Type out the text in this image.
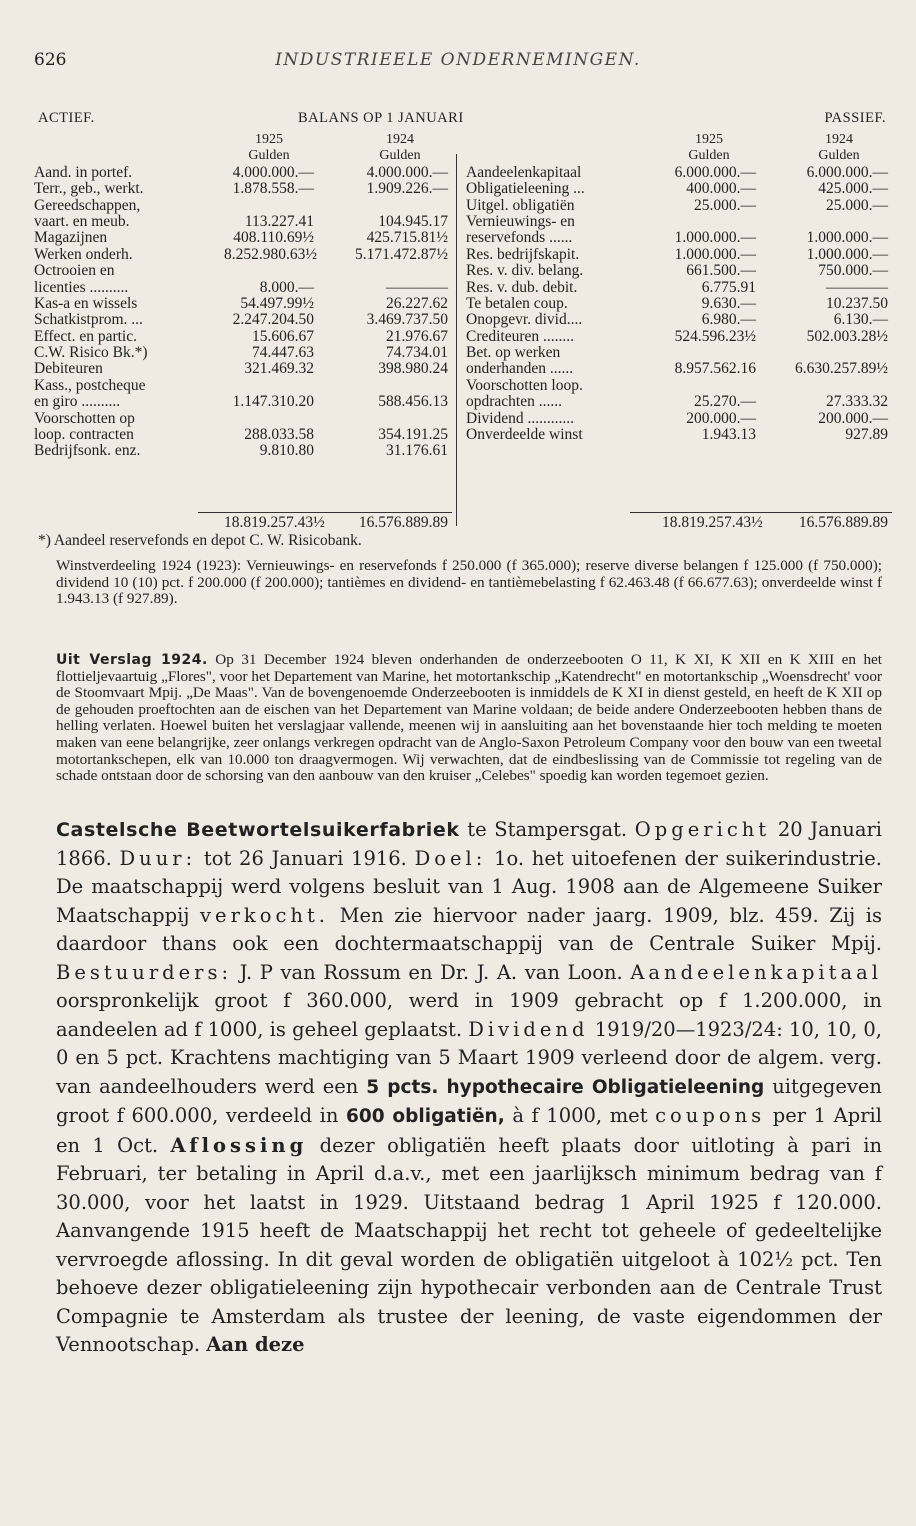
626	INDUSTRIEELE ONDERNEMINGEN.
ACTIEF.	BALANS OP 1 JANUARI	PASSIEF.
1925	1924
Gulden	Gulden
Aand. in portef.	4.000.000.—	4.000.000.—
Terr., geb., werkt.	1.878.558.—	1.909.226.—
Gereedschappen,
vaart. en meub.	113.227.41	104.945.17
Magazijnen	408.110.69½	425.715.81½
Werken onderh.	8.252.980.63½ 5.171.472.87½
Octrooien en
licenties ..........	8.000.—	————
Kas-a en wissels	54.497.99½	26.227.62
Schatkistprom. ...	2.247.204.50	3.469.737.50
Effect. en partic.	15.606.67	21.976.67
C.W. Risico Bk.*)	74.447.63	74.734.01
Debiteuren	321.469.32	398.980.24
Kass., postcheque
en giro ..........	1.147.310.20	588.456.13
Voorschotten op
loop. contracten	288.033.58	354.191.25
Bedrijfsonk. enz.	9.810.80	31.176.61
1925	1924
Gulden	Gulden
Aandeelenkapitaal	6.000.000.—	6.000.000.—
Obligatieleening ...	400.000.—	425.000.—
Uitgel. obligatiën	25.000.—	25.000.—
Vernieuwings- en
reservefonds ......	1.000.000.—	1.000.000.—
Res. bedrijfskapit.	1.000.000.—	1.000.000.—
Res. v. div. belang.	661.500.—	750.000.—
Res. v. dub. debit.	6.775.91	————
Te betalen coup.	9.630.—	10.237.50
Onopgevr. divid....	6.980.—	6.130.—
Crediteuren ........	524.596.23½	502.003.28½
Bet. op werken
onderhanden ......	8.957.562.16	6.630.257.89½
Voorschotten loop.
opdrachten ......	25.270.—	27.333.32
Dividend ............	200.000.—	200.000.—
Onverdeelde winst	1.943.13	927.89
18.819.257.43½	16.576.889.89	18.819.257.43½	16.576.889.89
*) Aandeel reservefonds en depot C. W. Risicobank.

Winstverdeeling 1924 (1923): Vernieuwings- en reservefonds f 250.000 (f 365.000); reserve diverse belangen f 125.000 (f 750.000); dividend 10 (10) pct. f 200.000 (f 200.000); tantièmes en dividend- en tantièmebelasting f 62.463.48 (f 66.677.63); onverdeelde winst f 1.943.13 (f 927.89).

Uit Verslag 1924. Op 31 December 1924 bleven onderhanden de onderzeebooten O 11, K XI, K XII en K XIII en het flottieljevaartuig „Flores", voor het Departement van Marine, het motortankschip „Katendrecht" en motortankschip „Woensdrecht' voor de Stoomvaart Mpij. „De Maas". Van de bovengenoemde Onderzeebooten is inmiddels de K XI in dienst gesteld, en heeft de K XII op de gehouden proeftochten aan de eischen van het Departement van Marine voldaan; de beide andere Onderzeebooten hebben thans de helling verlaten. Hoewel buiten het verslagjaar vallende, meenen wij in aansluiting aan het bovenstaande hier toch melding te moeten maken van eene belangrijke, zeer onlangs verkregen opdracht van de Anglo-Saxon Petroleum Company voor den bouw van een tweetal motortankschepen, elk van 10.000 ton draagvermogen. Wij verwachten, dat de eindbeslissing van de Commissie tot regeling van de schade ontstaan door de schorsing van den aanbouw van den kruiser „Celebes" spoedig kan worden tegemoet gezien.

Castelsche Beetwortelsuikerfabriek te Stampersgat. Opgericht 20 Januari 1866. Duur: tot 26 Januari 1916. Doel: 1o. het uitoefenen der suikerindustrie. De maatschappij werd volgens besluit van 1 Aug. 1908 aan de Algemeene Suiker Maatschappij verkocht. Men zie hiervoor nader jaarg. 1909, blz. 459. Zij is daardoor thans ook een dochtermaatschappij van de Centrale Suiker Mpij. Bestuurders: J. P van Rossum en Dr. J. A. van Loon. Aandeelenkapitaal oorspronkelijk groot f 360.000, werd in 1909 gebracht op f 1.200.000, in aandeelen ad f 1000, is geheel geplaatst. Dividend 1919/20—1923/24: 10, 10, 0, 0 en 5 pct. Krachtens machtiging van 5 Maart 1909 verleend door de algem. verg. van aandeelhouders werd een 5 pcts. hypothecaire Obligatieleening uitgegeven groot f 600.000, verdeeld in 600 obligatiën, à f 1000, met coupons per 1 April en 1 Oct. Aflossing dezer obligatiën heeft plaats door uitloting à pari in Februari, ter betaling in April d.a.v., met een jaarlijksch minimum bedrag van f 30.000, voor het laatst in 1929. Uitstaand bedrag 1 April 1925 f 120.000. Aanvangende 1915 heeft de Maatschappij het recht tot geheele of gedeeltelijke vervroegde aflossing. In dit geval worden de obligatiën uitgeloot à 102½ pct. Ten behoeve dezer obligatieleening zijn hypothecair verbonden aan de Centrale Trust Compagnie te Amsterdam als trustee der leening, de vaste eigendommen der Vennootschap. Aan deze
